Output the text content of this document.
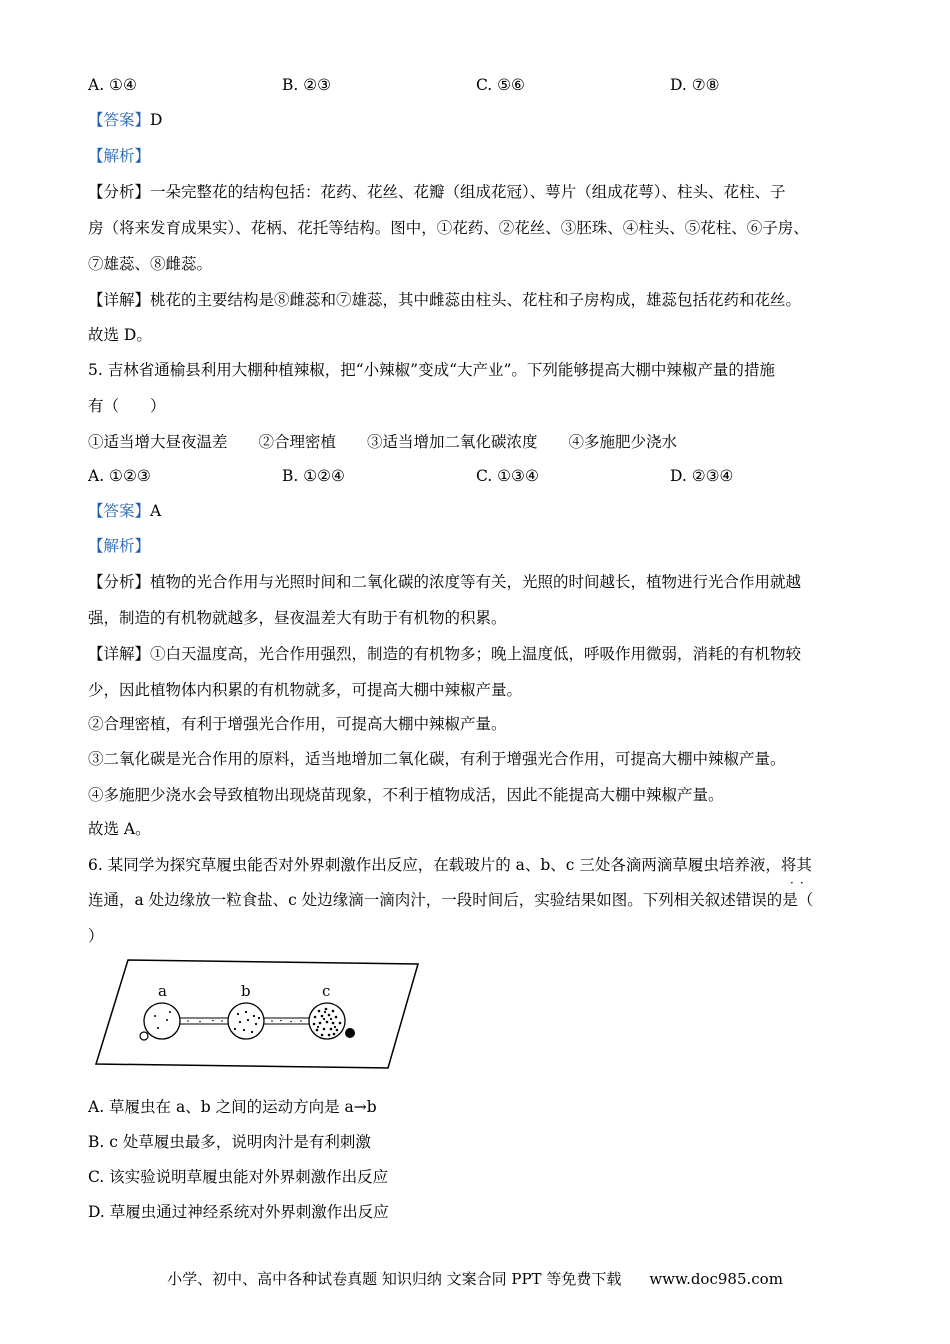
A. ①④	B. ②③	C. ⑤⑥	D. ⑦⑧
【答案】D
【解析】
【分析】一朵完整花的结构包括：花药、花丝、花瓣（组成花冠）、萼片（组成花萼）、柱头、花柱、子
房（将来发育成果实）、花柄、花托等结构。图中，①花药、②花丝、③胚珠、④柱头、⑤花柱、⑥子房、
⑦雄蕊、⑧雌蕊。
【详解】桃花的主要结构是⑧雌蕊和⑦雄蕊，其中雌蕊由柱头、花柱和子房构成，雄蕊包括花药和花丝。
故选 D。
5. 吉林省通榆县利用大棚种植辣椒，把“小辣椒”变成“大产业”。下列能够提高大棚中辣椒产量的措施
有（　　）
①适当增大昼夜温差　　②合理密植　　③适当增加二氧化碳浓度　　④多施肥少浇水
A. ①②③	B. ①②④	C. ①③④	D. ②③④
【答案】A
【解析】
【分析】植物的光合作用与光照时间和二氧化碳的浓度等有关，光照的时间越长，植物进行光合作用就越
强，制造的有机物就越多，昼夜温差大有助于有机物的积累。
【详解】①白天温度高，光合作用强烈，制造的有机物多；晚上温度低，呼吸作用微弱，消耗的有机物较
少，因此植物体内积累的有机物就多，可提高大棚中辣椒产量。
②合理密植，有利于增强光合作用，可提高大棚中辣椒产量。
③二氧化碳是光合作用的原料，适当地增加二氧化碳，有利于增强光合作用，可提高大棚中辣椒产量。
④多施肥少浇水会导致植物出现烧苗现象，不利于植物成活，因此不能提高大棚中辣椒产量。
故选 A。
6. 某同学为探究草履虫能否对外界刺激作出反应，在载玻片的 a、b、c 三处各滴两滴草履虫培养液，将其
··
连通，a 处边缘放一粒食盐、c 处边缘滴一滴肉汁，一段时间后，实验结果如图。下列相关叙述错误的是（
）
a	b	c
A. 草履虫在 a、b 之间的运动方向是 a→b
B. c 处草履虫最多，说明肉汁是有利刺激
C. 该实验说明草履虫能对外界刺激作出反应
D. 草履虫通过神经系统对外界刺激作出反应
小学、初中、高中各种试卷真题 知识归纳 文案合同 PPT 等免费下载 www.doc985.com
